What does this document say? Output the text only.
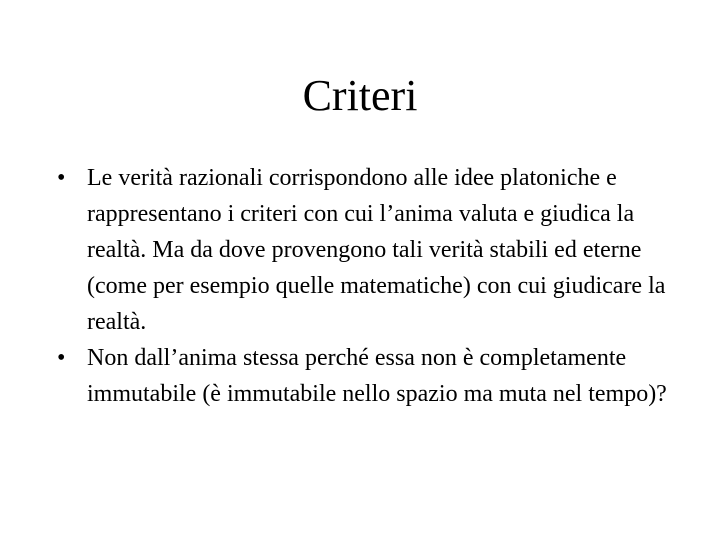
Criteri
• Le verità razionali corrispondono alle idee platoniche e rappresentano i criteri con cui l’anima valuta e giudica la realtà. Ma da dove provengono tali verità stabili ed eterne (come per esempio quelle matematiche) con cui giudicare la realtà.
• Non dall’anima stessa perché essa non è completamente immutabile (è immutabile nello spazio ma muta nel tempo)?
